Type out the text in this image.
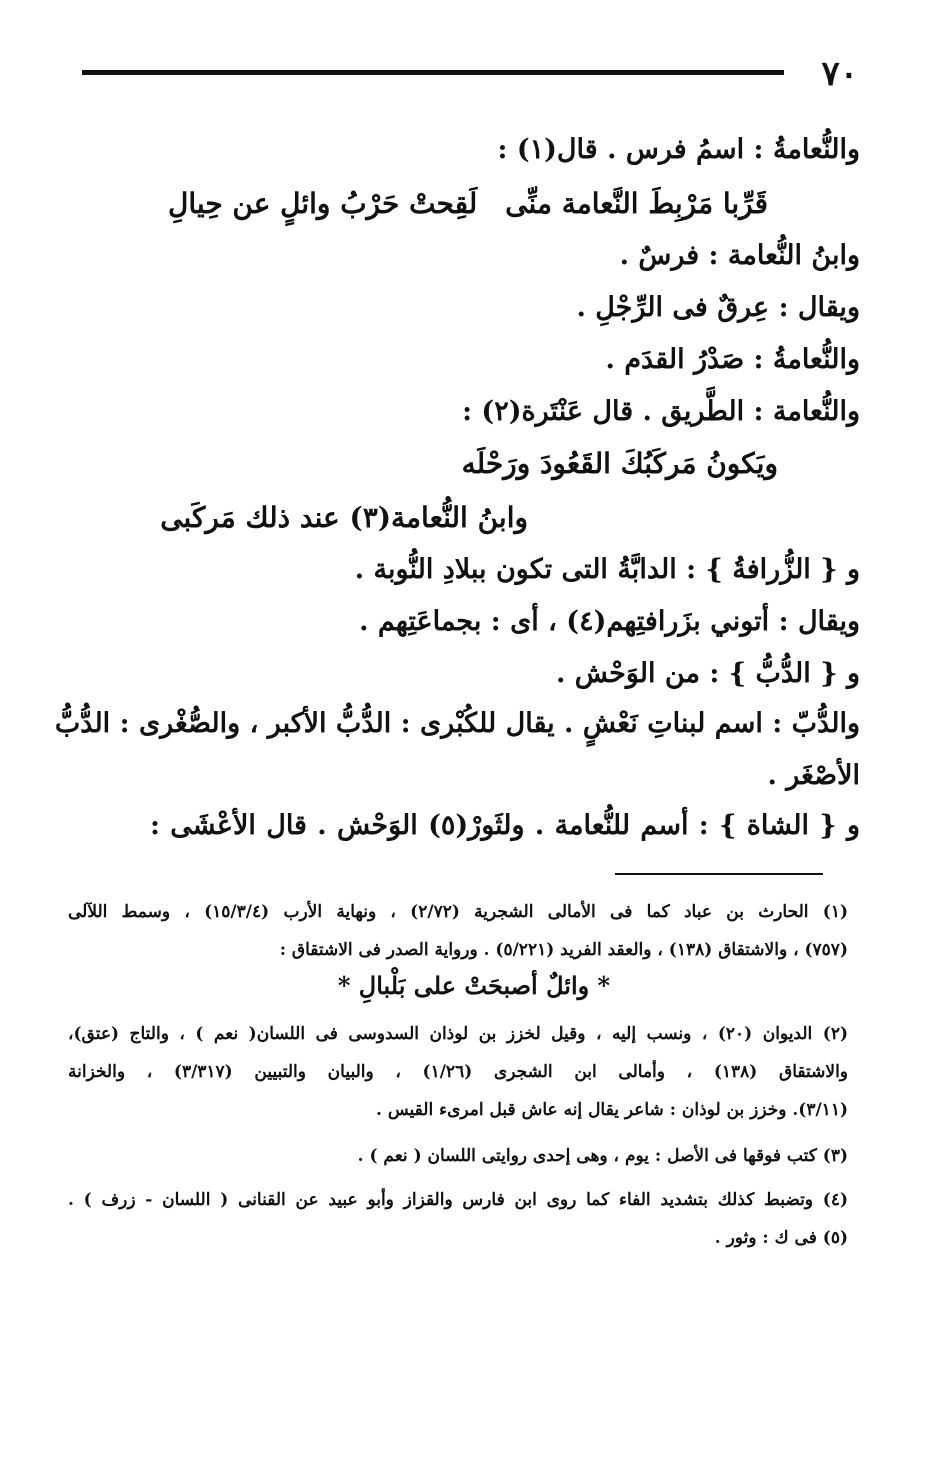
٧٠
والنُّعامةُ : اسمُ فرس . قال(١) :
قَرِّبا مَرْبِطَ النَّعامة منِّى
لَقِحتْ حَرْبُ وائلٍ عن حِيالِ
وابنُ النُّعامة : فرسٌ .
ويقال : عِرقٌ فى الرِّجْلِ .
والنُّعامةُ : صَدْرُ القدَم .
والنُّعامة : الطَّريق . قال عَنْتَرة(٢) :
ويَكونُ مَركَبُكَ القَعُودَ ورَحْلَه
وابنُ النُّعامة(٣) عند ذلك مَركَبى
و { الزُّرافةُ } : الدابَّةُ التى تكون ببلادِ النُّوبة .
ويقال : أتوني بزَرافتِهم(٤) ، أى : بجماعَتِهم .
و { الدُّبُّ } : من الوَحْش .
والدُّبّ : اسم لبناتِ نَعْشٍ . يقال للكُبْرى : الدُّبُّ الأكبر ، والصُّغْرى : الدُّبُّ
الأصْغَر .
و { الشاة } : أسم للنُّعامة . ولثَورْ(٥) الوَحْش . قال الأعْشَى :
(١) الحارث بن عباد كما فى الأمالى الشجرية (٢/٧٢) ، ونهاية الأرب (١٥/٣/٤) ، وسمط اللآلى
(٧٥٧) ، والاشتقاق (١٣٨) ، والعقد الفريد (٥/٢٢١) . ورواية الصدر فى الاشتقاق :
* وائلٌ أصبحَتْ على بَلْبالِ *
(٢) الديوان (٢٠) ، ونسب إليه ، وقيل لخزز بن لوذان السدوسى فى اللسان( نعم ) ، والتاج (عتق)،
والاشتقاق (١٣٨) ، وأمالى ابن الشجرى (١/٢٦) ، والبيان والتبيين (٣/٣١٧) ، والخزانة
(٣/١١). وخزز بن لوذان : شاعر يقال إنه عاش قبل امرىء القيس .
(٣) كتب فوقها فى الأصل : يوم ، وهى إحدى روايتى اللسان ( نعم ) .
(٤) وتضبط كذلك بتشديد الفاء كما روى ابن فارس والقزاز وأبو عبيد عن القنانى ( اللسان - زرف ) .
(٥) فى ك : وثور .
